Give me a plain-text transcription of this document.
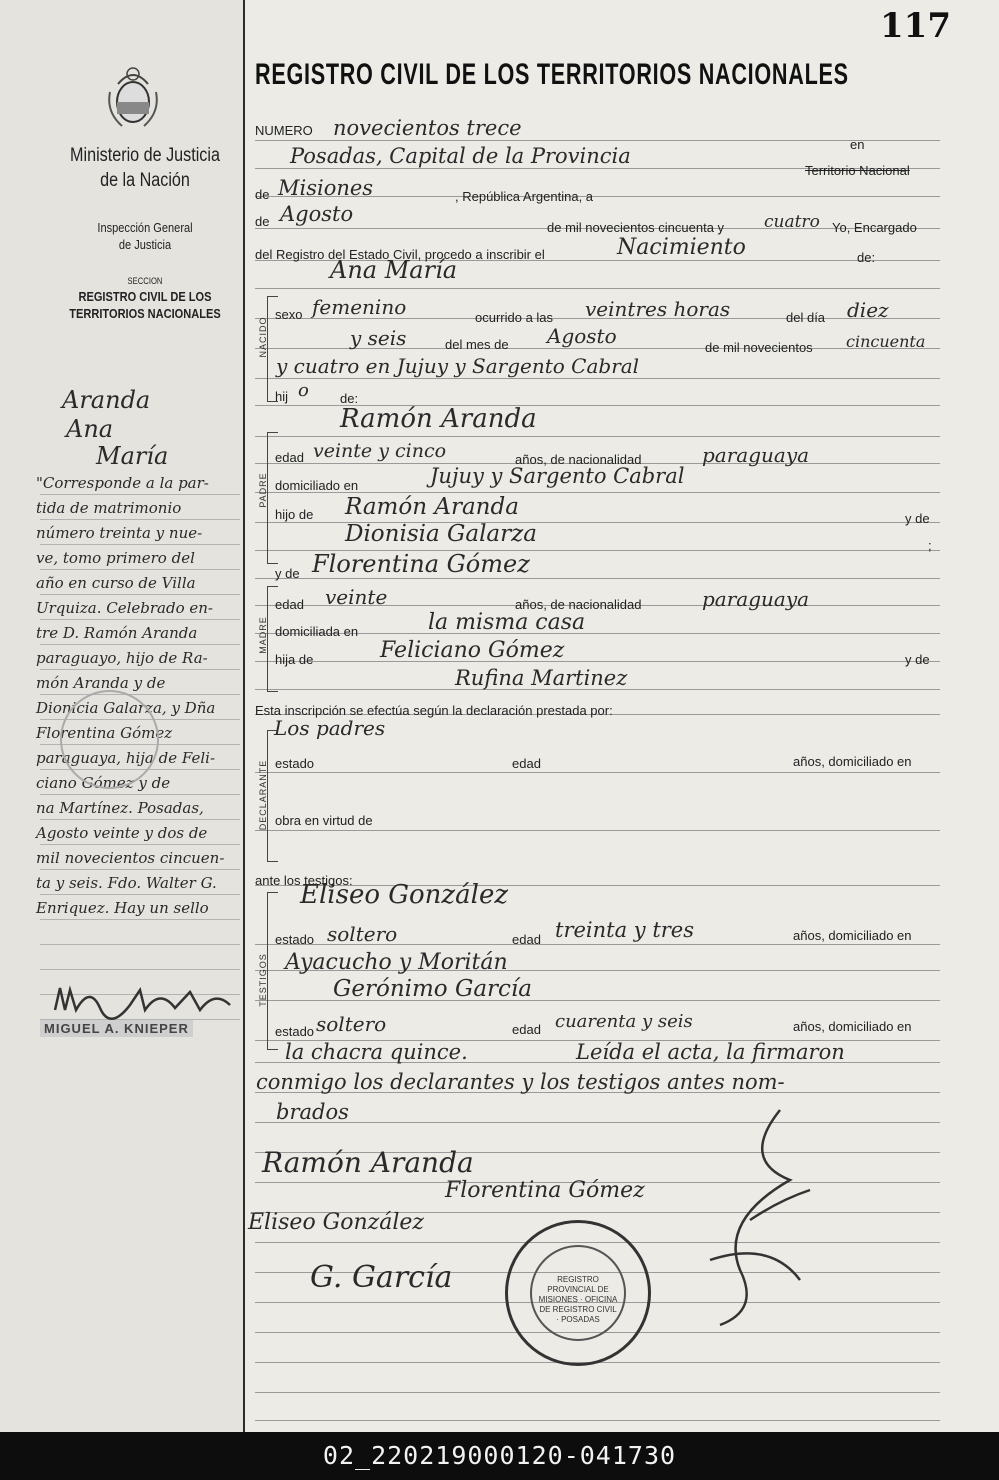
117
Ministerio de Justicia
de la Nación
Inspección General
de Justicia
SECCION
REGISTRO CIVIL DE LOS
TERRITORIOS NACIONALES
Aranda
Ana
María
"Corresponde a la par-
tida de matrimonio
número treinta y nue-
ve, tomo primero del
año en curso de Villa
Urquiza. Celebrado en-
tre D. Ramón Aranda
paraguayo, hijo de Ra-
món Aranda y de
Dionicia Galarza, y Dña
Florentina Gómez
paraguaya, hija de Feli-
ciano Gómez y de
na Martínez. Posadas,
Agosto veinte y dos de
mil novecientos cincuen-
ta y seis. Fdo. Walter G.
Enriquez. Hay un sello
MIGUEL A. KNIEPER
REGISTRO CIVIL DE LOS TERRITORIOS NACIONALES
NUMERO novecientos trece
en
Posadas, Capital de la Provincia
Territorio Nacional
de Misiones	, República Argentina, a
de Agosto
de mil novecientos cincuenta y cuatro Yo, Encargado
del Registro del Estado Civil, procedo a inscribir el	Nacimiento	de:
Ana María
NACIDO
sexo femenino	ocurrido a las veintres horas	del día diez
y seis	del mes de Agosto	de mil novecientos cincuenta
y cuatro en Jujuy y Sargento Cabral
hij o de:
Ramón Aranda
PADRE
edad veinte y cinco	años, de nacionalidad	paraguaya
domiciliado en	Jujuy y Sargento Cabral
hijo de Ramón Aranda	y de
Dionisia Galarza	;
y de Florentina Gómez
MADRE
edad veinte	años, de nacionalidad	paraguaya
domiciliada en	la misma casa
hija de	Feliciano Gómez	y de
Rufina Martinez
Esta inscripción se efectúa según la declaración prestada por:
Los padres
DECLARANTE estado	edad	años, domiciliado en
obra en virtud de
ante los testigos:
Eliseo González
TESTIGOS
estado soltero	edad treinta y tres	años, domiciliado en
Ayacucho y Moritán
Gerónimo García
estado soltero	edad cuarenta y seis	años, domiciliado en
la chacra quince.	Leída el acta, la firmaron
conmigo los declarantes y los testigos antes nom-
brados
Ramón Aranda
Florentina Gómez
Eliseo González
G. García	REGISTRO PROVINCIAL DE MISIONES · OFICINA DE REGISTRO CIVIL · POSADAS
02_220219000120-041730
